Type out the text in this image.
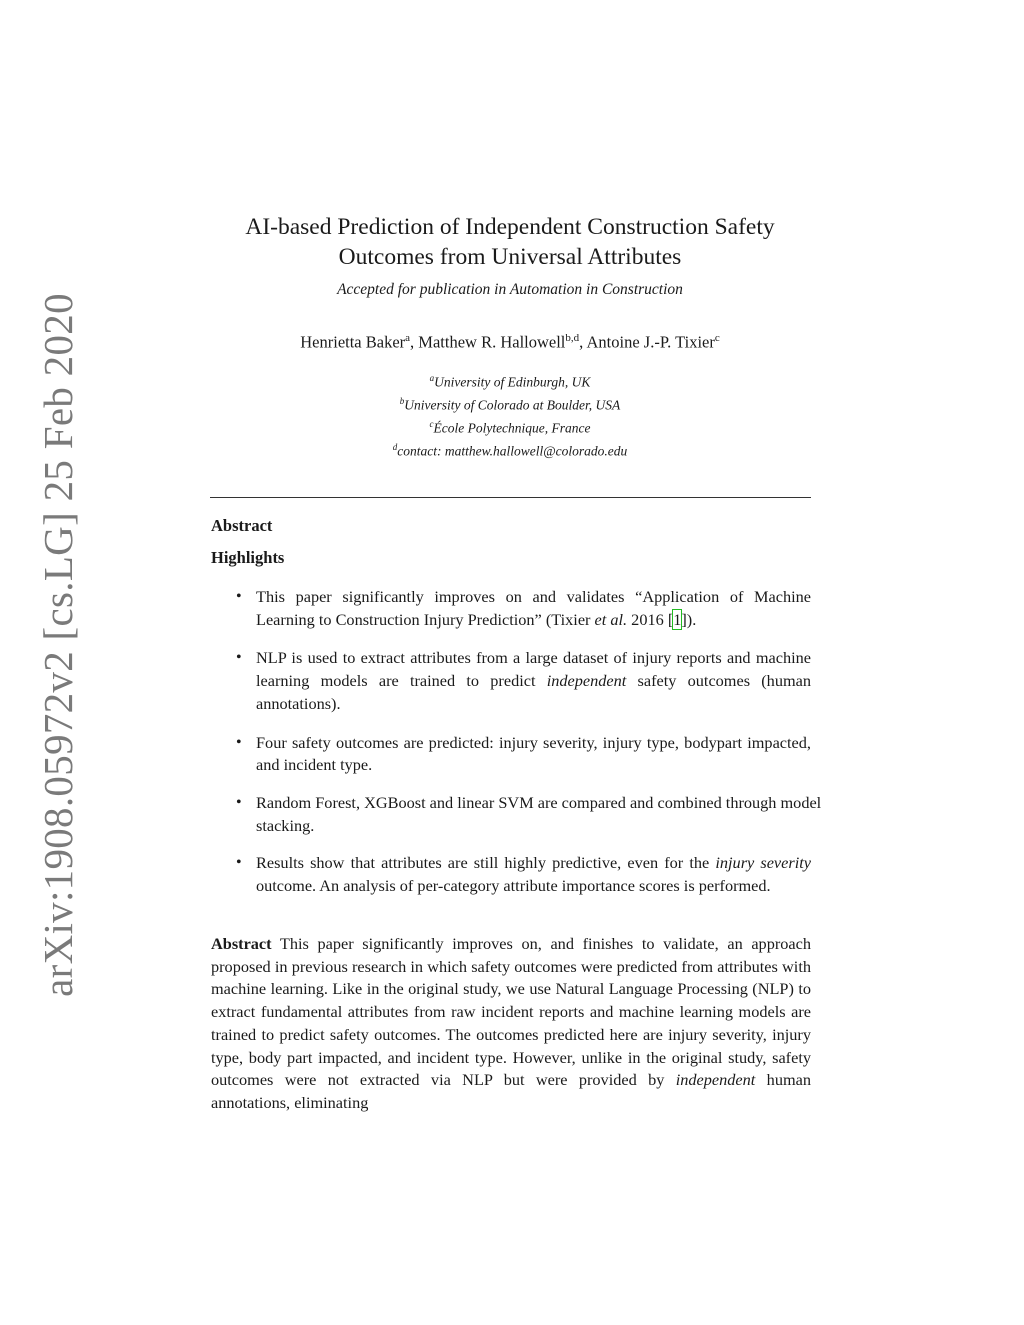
arXiv:1908.05972v2 [cs.LG] 25 Feb 2020
AI-based Prediction of Independent Construction Safety
Outcomes from Universal Attributes
Accepted for publication in Automation in Construction
Henrietta Baker$^a$, Matthew R. Hallowell$^{b,d}$, Antoine J.-P. Tixier$^c$
$^a$University of Edinburgh, UK
$^b$University of Colorado at Boulder, USA
$^c$École Polytechnique, France
$^d$contact: matthew.hallowell@colorado.edu
Abstract
Highlights
• This paper significantly improves on and validates “Application of Machine Learning to Construction Injury Prediction” (Tixier et al. 2016 [1]).
• NLP is used to extract attributes from a large dataset of injury reports and machine learning models are trained to predict independent safety outcomes (human annotations).
• Four safety outcomes are predicted: injury severity, injury type, bodypart impacted, and incident type.
• Random Forest, XGBoost and linear SVM are compared and combined through model stacking.
• Results show that attributes are still highly predictive, even for the injury severity outcome. An analysis of per-category attribute importance scores is performed.

Abstract This paper significantly improves on, and finishes to validate, an approach proposed in previous research in which safety outcomes were predicted from attributes with machine learning. Like in the original study, we use Natural Language Processing (NLP) to extract fundamental attributes from raw incident reports and machine learning models are trained to predict safety outcomes. The outcomes predicted here are injury severity, injury type, body part impacted, and incident type. However, unlike in the original study, safety outcomes were not extracted via NLP but were provided by independent human annotations, eliminating
